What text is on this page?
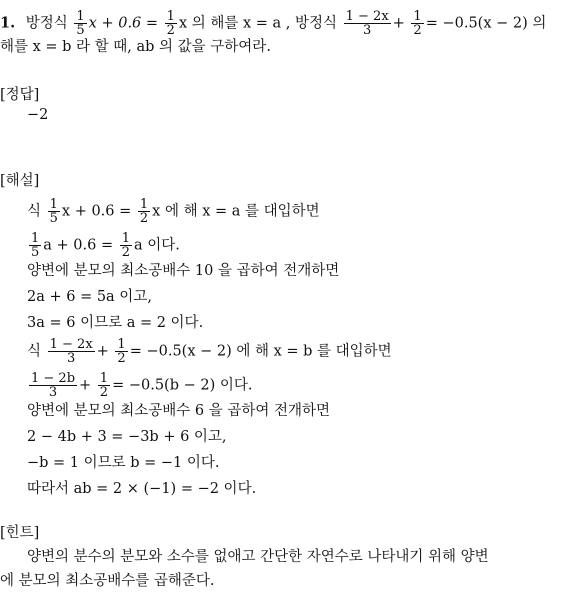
1. 방정식 $\frac{1}{5}$ $x + 0.6 = \frac{1}{2}$ x 의 해를 x = a , 방정식 $\frac{1 - 2x}{3} + \frac{1}{2} = -0.5(x - 2)$ 의
해를 x = b 라 할 때, ab 의 값을 구하여라.
[정답]
−2
[해설]
식 $\frac{1}{5}$ $x + 0.6 = \frac{1}{2}$ x 에 해 x = a 를 대입하면
$\frac{1}{5}$ $a + 0.6 = \frac{1}{2}$ a 이다.
양변에 분모의 최소공배수 10 을 곱하여 전개하면
2a + 6 = 5a 이고,
3a = 6 이므로 a = 2 이다.
식 $\frac{1 - 2x}{3} + \frac{1}{2} = -0.5(x - 2)$ 에 해 x = b 를 대입하면
$\frac{1 - 2b}{3} + \frac{1}{2} = -0.5(b - 2)$ 이다.
양변에 분모의 최소공배수 6 을 곱하여 전개하면
2 − 4b + 3 = −3b + 6 이고,
−b = 1 이므로 b = −1 이다.
따라서 ab = 2 × (−1) = −2 이다.
[힌트]
양변의 분수의 분모와 소수를 없애고 간단한 자연수로 나타내기 위해 양변
에 분모의 최소공배수를 곱해준다.
